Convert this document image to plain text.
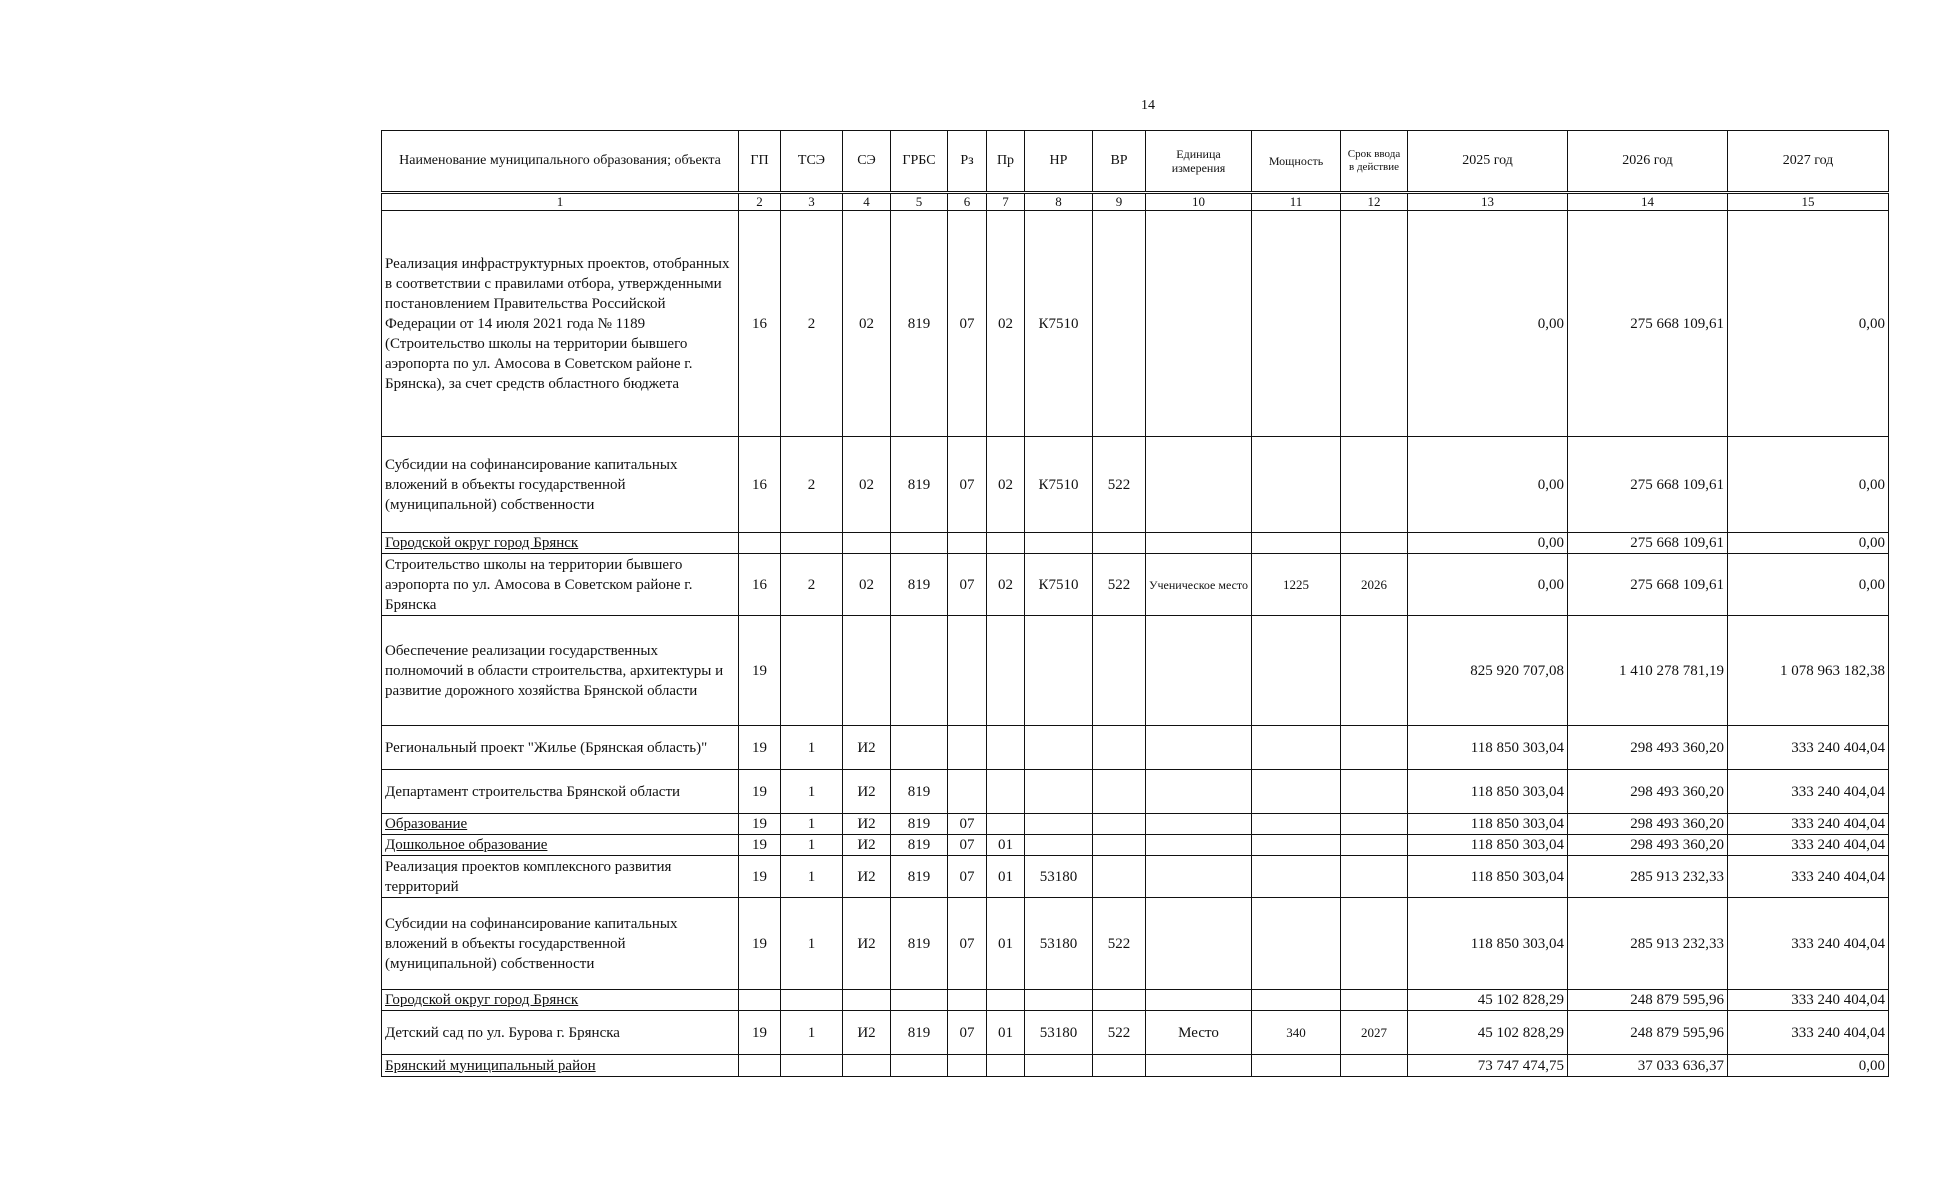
14
Наименование муниципального образования; объекта	ГП	ТСЭ	СЭ	ГРБС	Рз	Пр	НР	ВР	Единица измерения	Мощность	Срок ввода в действие	2025 год	2026 год	2027 год
1	2	3	4	5	6	7	8	9	10	11	12	13	14	15
Реализация инфраструктурных проектов, отобранных в соответствии с правилами отбора, утвержденными постановлением Правительства Российской Федерации от 14 июля 2021 года № 1189 (Строительство школы на территории бывшего аэропорта по ул. Амосова в Советском районе г. Брянска), за счет средств областного бюджета	16	2	02	819	07	02	К7510					0,00	275 668 109,61	0,00
Субсидии на софинансирование капитальных вложений в объекты государственной (муниципальной) собственности	16	2	02	819	07	02	К7510	522				0,00	275 668 109,61	0,00
Городской округ город Брянск												0,00	275 668 109,61	0,00
Строительство школы на территории бывшего аэропорта по ул. Амосова в Советском районе г. Брянска	16	2	02	819	07	02	К7510	522	Ученическое место	1225	2026	0,00	275 668 109,61	0,00
Обеспечение реализации государственных полномочий в области строительства, архитектуры и развитие дорожного хозяйства Брянской области	19											825 920 707,08	1 410 278 781,19	1 078 963 182,38
Региональный проект "Жилье (Брянская область)"	19	1	И2									118 850 303,04	298 493 360,20	333 240 404,04
Департамент строительства Брянской области	19	1	И2	819								118 850 303,04	298 493 360,20	333 240 404,04
Образование	19	1	И2	819	07							118 850 303,04	298 493 360,20	333 240 404,04
Дошкольное образование	19	1	И2	819	07	01						118 850 303,04	298 493 360,20	333 240 404,04
Реализация проектов комплексного развития территорий	19	1	И2	819	07	01	53180					118 850 303,04	285 913 232,33	333 240 404,04
Субсидии на софинансирование капитальных вложений в объекты государственной (муниципальной) собственности	19	1	И2	819	07	01	53180	522				118 850 303,04	285 913 232,33	333 240 404,04
Городской округ город Брянск												45 102 828,29	248 879 595,96	333 240 404,04
Детский сад по ул. Бурова г. Брянска	19	1	И2	819	07	01	53180	522	Место	340	2027	45 102 828,29	248 879 595,96	333 240 404,04
Брянский муниципальный район												73 747 474,75	37 033 636,37	0,00
